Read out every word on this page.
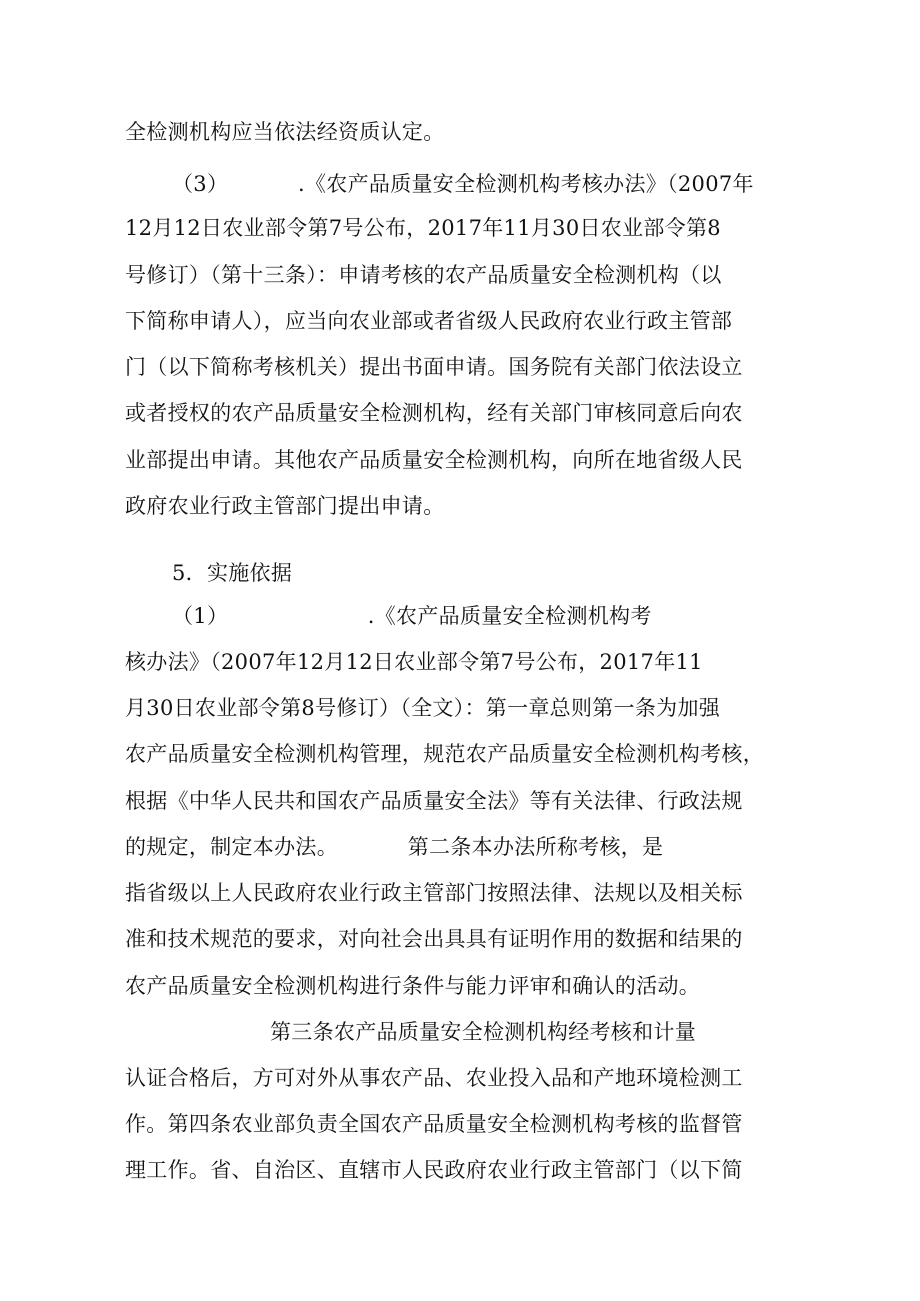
全检测机构应当依法经资质认定。
（3）          .《农产品质量安全检测机构考核办法》（2007年
12月12日农业部令第7号公布，2017年11月30日农业部令第8
号修订）（第十三条）：申请考核的农产品质量安全检测机构（以
下简称申请人），应当向农业部或者省级人民政府农业行政主管部
门（以下简称考核机关）提出书面申请。国务院有关部门依法设立
或者授权的农产品质量安全检测机构，经有关部门审核同意后向农
业部提出申请。其他农产品质量安全检测机构，向所在地省级人民
政府农业行政主管部门提出申请。
5．实施依据
（1）                    .《农产品质量安全检测机构考
核办法》（2007年12月12日农业部令第7号公布，2017年11
月30日农业部令第8号修订）（全文）：第一章总则第一条为加强
农产品质量安全检测机构管理，规范农产品质量安全检测机构考核，
根据《中华人民共和国农产品质量安全法》等有关法律、行政法规
的规定，制定本办法。          第二条本办法所称考核，是
指省级以上人民政府农业行政主管部门按照法律、法规以及相关标
准和技术规范的要求，对向社会出具具有证明作用的数据和结果的
农产品质量安全检测机构进行条件与能力评审和确认的活动。
第三条农产品质量安全检测机构经考核和计量
认证合格后，方可对外从事农产品、农业投入品和产地环境检测工
作。第四条农业部负责全国农产品质量安全检测机构考核的监督管
理工作。省、自治区、直辖市人民政府农业行政主管部门（以下简
